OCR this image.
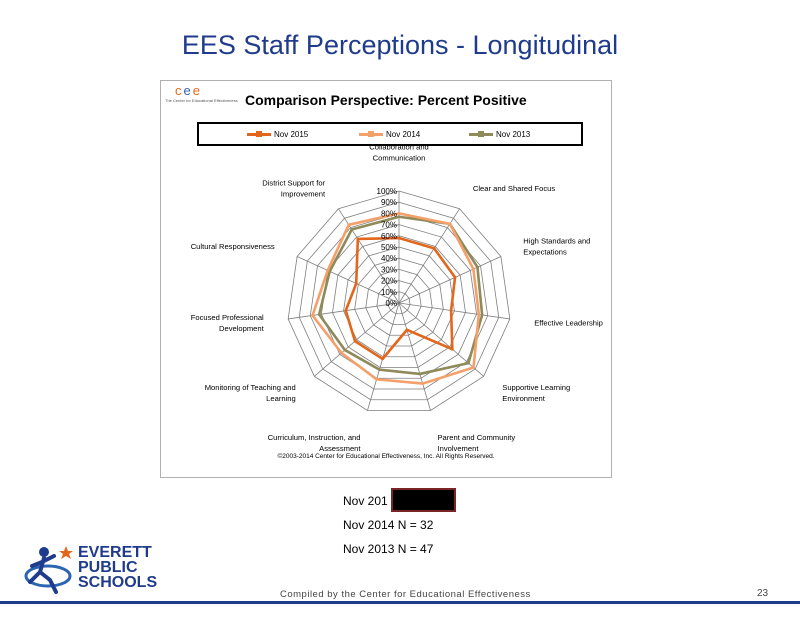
EES Staff Perceptions - Longitudinal
cee
The Center for Educational Effectiveness Comparison Perspective: Percent Positive
Nov 2015	Nov 2014	Nov 2013
100%
90%
80%
70%
60%
50%
40%
30%
20%
10%
0%
Collaboration and Communication
Clear and Shared Focus
High Standards and Expectations
Effective Leadership
Supportive Learning Environment
Parent and Community Involvement
Curriculum, Instruction, and Assessment
Monitoring of Teaching and Learning
Focused Professional Development
Cultural Responsiveness
District Support for Improvement
©2003-2014 Center for Educational Effectiveness, Inc. All Rights Reserved.
Nov 201
Nov 2014 N = 32
Nov 2013 N = 47
EVERETT
PUBLIC
SCHOOLS
Compiled by the Center for Educational Effectiveness	23
